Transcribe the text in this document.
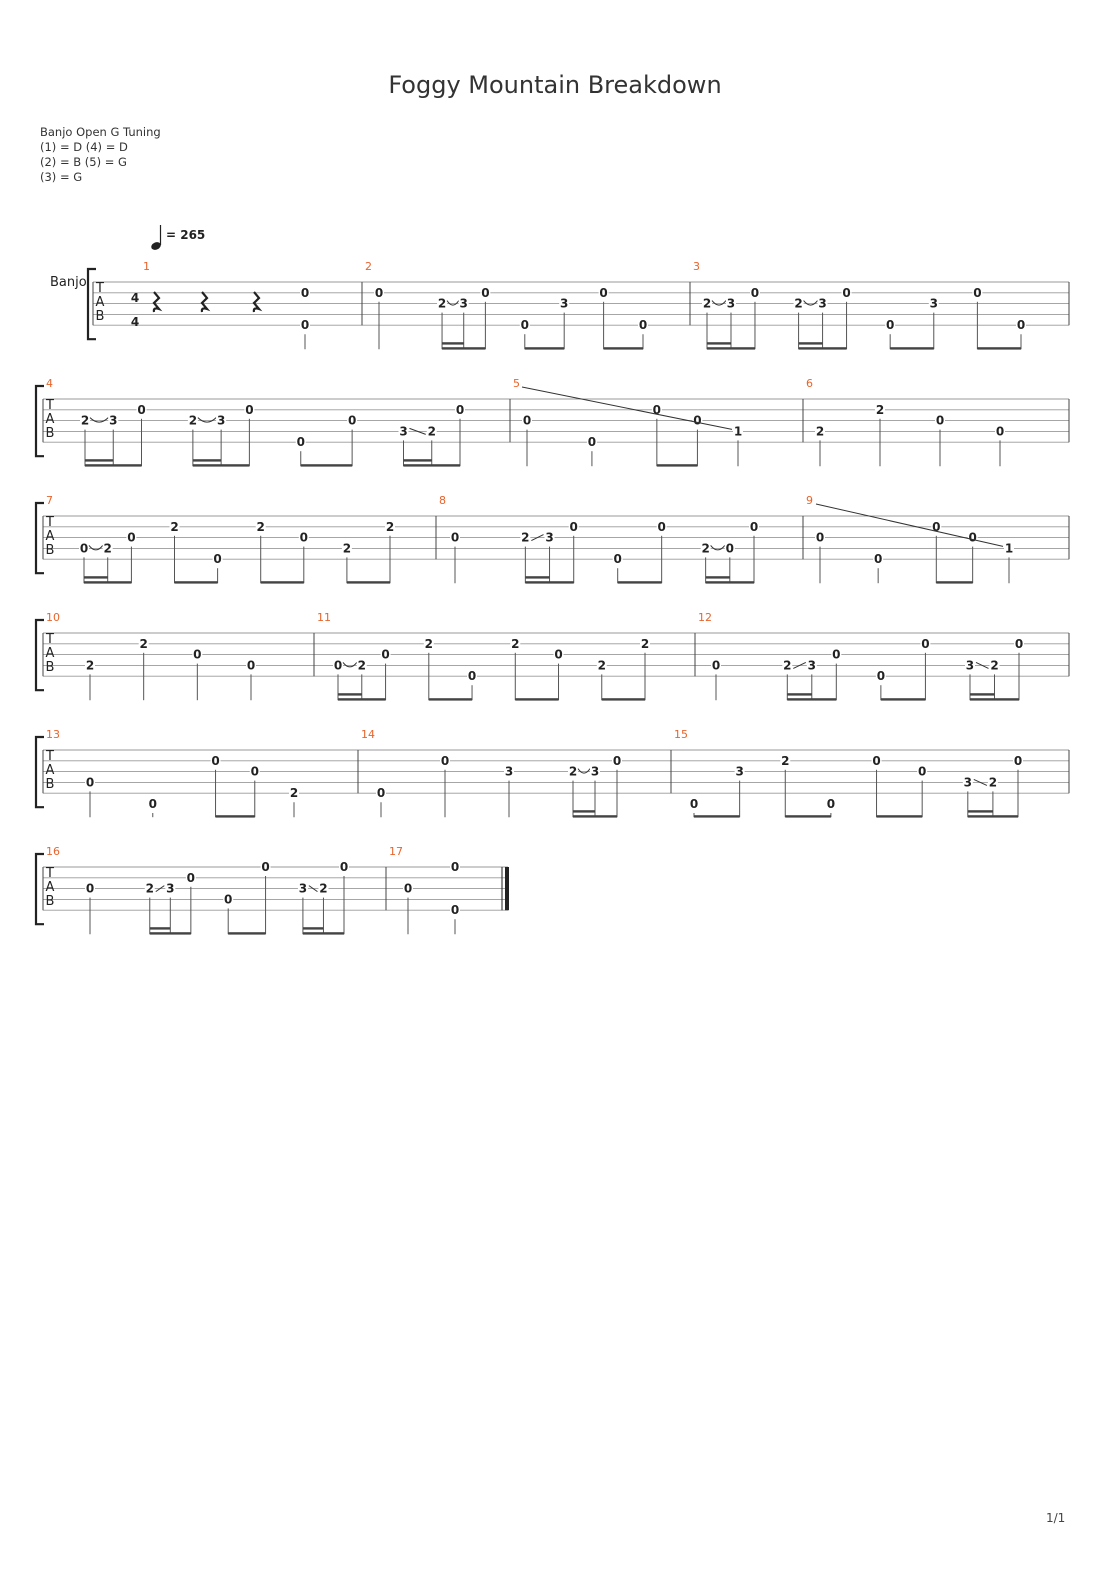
Foggy Mountain Breakdown
Banjo Open G Tuning
(1) = D (4) = D
(2) = B (5) = G
(3) = G
= 265
Banjo T
A
B
4
4
1
0
0
2
0
2 3
0
0
3
0
0
3
2 3
0
2 3
0
0
3
0
0
T
A
B
4
2 3
0
2 3
0
0
0
3 2
0
5
0
0
0
0
1
6
2
2
0
0
T
A
B
7
0 2
0
2
0
2
0
2
2
8
0	2 3
0
0
0
2 0
0
9
0
0
0
0
1
T
A
B
10
2
2
0
0
11
0 2
0
2
0
2
0
2
2
12
0	2 3
0
0
0
3 2
0
T
A
B
13
0
0
0
0
2
14
0
0
3	2 3
0
15
0
3
2
0
0
0
3 2
0
T
A
B
16
0	2 3
0
0
0
3 2
0
17
0
0
0
1/1
